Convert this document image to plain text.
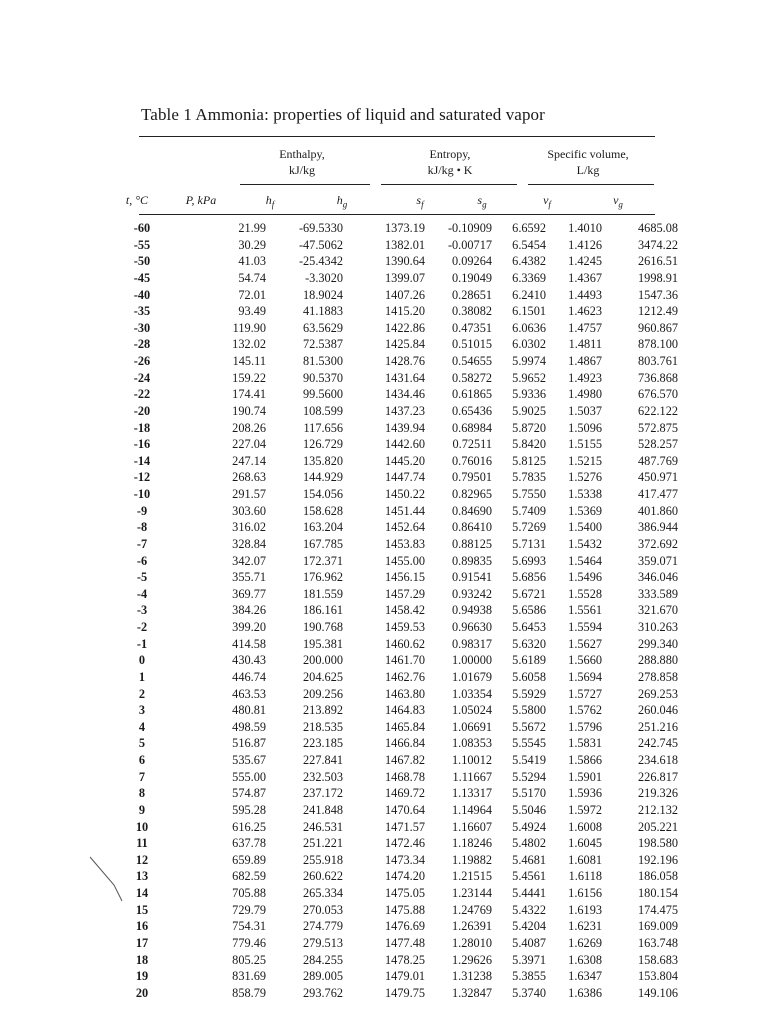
Table 1 Ammonia: properties of liquid and saturated vapor
Enthalpy,
kJ/kg
Entropy,
kJ/kg • K
Specific volume,
L/kg
t, °C	P, kPa	$h_f$	$h_g$	$s_f$	$s_g$	$v_f$	$v_g$
-60	21.99	-69.5330	1373.19	-0.10909	6.6592	1.4010	4685.08
-55	30.29	-47.5062	1382.01	-0.00717	6.5454	1.4126	3474.22
-50	41.03	-25.4342	1390.64	0.09264	6.4382	1.4245	2616.51
-45	54.74	-3.3020	1399.07	0.19049	6.3369	1.4367	1998.91
-40	72.01	18.9024	1407.26	0.28651	6.2410	1.4493	1547.36
-35	93.49	41.1883	1415.20	0.38082	6.1501	1.4623	1212.49
-30	119.90	63.5629	1422.86	0.47351	6.0636	1.4757	960.867
-28	132.02	72.5387	1425.84	0.51015	6.0302	1.4811	878.100
-26	145.11	81.5300	1428.76	0.54655	5.9974	1.4867	803.761
-24	159.22	90.5370	1431.64	0.58272	5.9652	1.4923	736.868
-22	174.41	99.5600	1434.46	0.61865	5.9336	1.4980	676.570
-20	190.74	108.599	1437.23	0.65436	5.9025	1.5037	622.122
-18	208.26	117.656	1439.94	0.68984	5.8720	1.5096	572.875
-16	227.04	126.729	1442.60	0.72511	5.8420	1.5155	528.257
-14	247.14	135.820	1445.20	0.76016	5.8125	1.5215	487.769
-12	268.63	144.929	1447.74	0.79501	5.7835	1.5276	450.971
-10	291.57	154.056	1450.22	0.82965	5.7550	1.5338	417.477
-9	303.60	158.628	1451.44	0.84690	5.7409	1.5369	401.860
-8	316.02	163.204	1452.64	0.86410	5.7269	1.5400	386.944
-7	328.84	167.785	1453.83	0.88125	5.7131	1.5432	372.692
-6	342.07	172.371	1455.00	0.89835	5.6993	1.5464	359.071
-5	355.71	176.962	1456.15	0.91541	5.6856	1.5496	346.046
-4	369.77	181.559	1457.29	0.93242	5.6721	1.5528	333.589
-3	384.26	186.161	1458.42	0.94938	5.6586	1.5561	321.670
-2	399.20	190.768	1459.53	0.96630	5.6453	1.5594	310.263
-1	414.58	195.381	1460.62	0.98317	5.6320	1.5627	299.340
0	430.43	200.000	1461.70	1.00000	5.6189	1.5660	288.880
1	446.74	204.625	1462.76	1.01679	5.6058	1.5694	278.858
2	463.53	209.256	1463.80	1.03354	5.5929	1.5727	269.253
3	480.81	213.892	1464.83	1.05024	5.5800	1.5762	260.046
4	498.59	218.535	1465.84	1.06691	5.5672	1.5796	251.216
5	516.87	223.185	1466.84	1.08353	5.5545	1.5831	242.745
6	535.67	227.841	1467.82	1.10012	5.5419	1.5866	234.618
7	555.00	232.503	1468.78	1.11667	5.5294	1.5901	226.817
8	574.87	237.172	1469.72	1.13317	5.5170	1.5936	219.326
9	595.28	241.848	1470.64	1.14964	5.5046	1.5972	212.132
10	616.25	246.531	1471.57	1.16607	5.4924	1.6008	205.221
11	637.78	251.221	1472.46	1.18246	5.4802	1.6045	198.580
12	659.89	255.918	1473.34	1.19882	5.4681	1.6081	192.196
13	682.59	260.622	1474.20	1.21515	5.4561	1.6118	186.058
14	705.88	265.334	1475.05	1.23144	5.4441	1.6156	180.154
15	729.79	270.053	1475.88	1.24769	5.4322	1.6193	174.475
16	754.31	274.779	1476.69	1.26391	5.4204	1.6231	169.009
17	779.46	279.513	1477.48	1.28010	5.4087	1.6269	163.748
18	805.25	284.255	1478.25	1.29626	5.3971	1.6308	158.683
19	831.69	289.005	1479.01	1.31238	5.3855	1.6347	153.804
20	858.79	293.762	1479.75	1.32847	5.3740	1.6386	149.106
